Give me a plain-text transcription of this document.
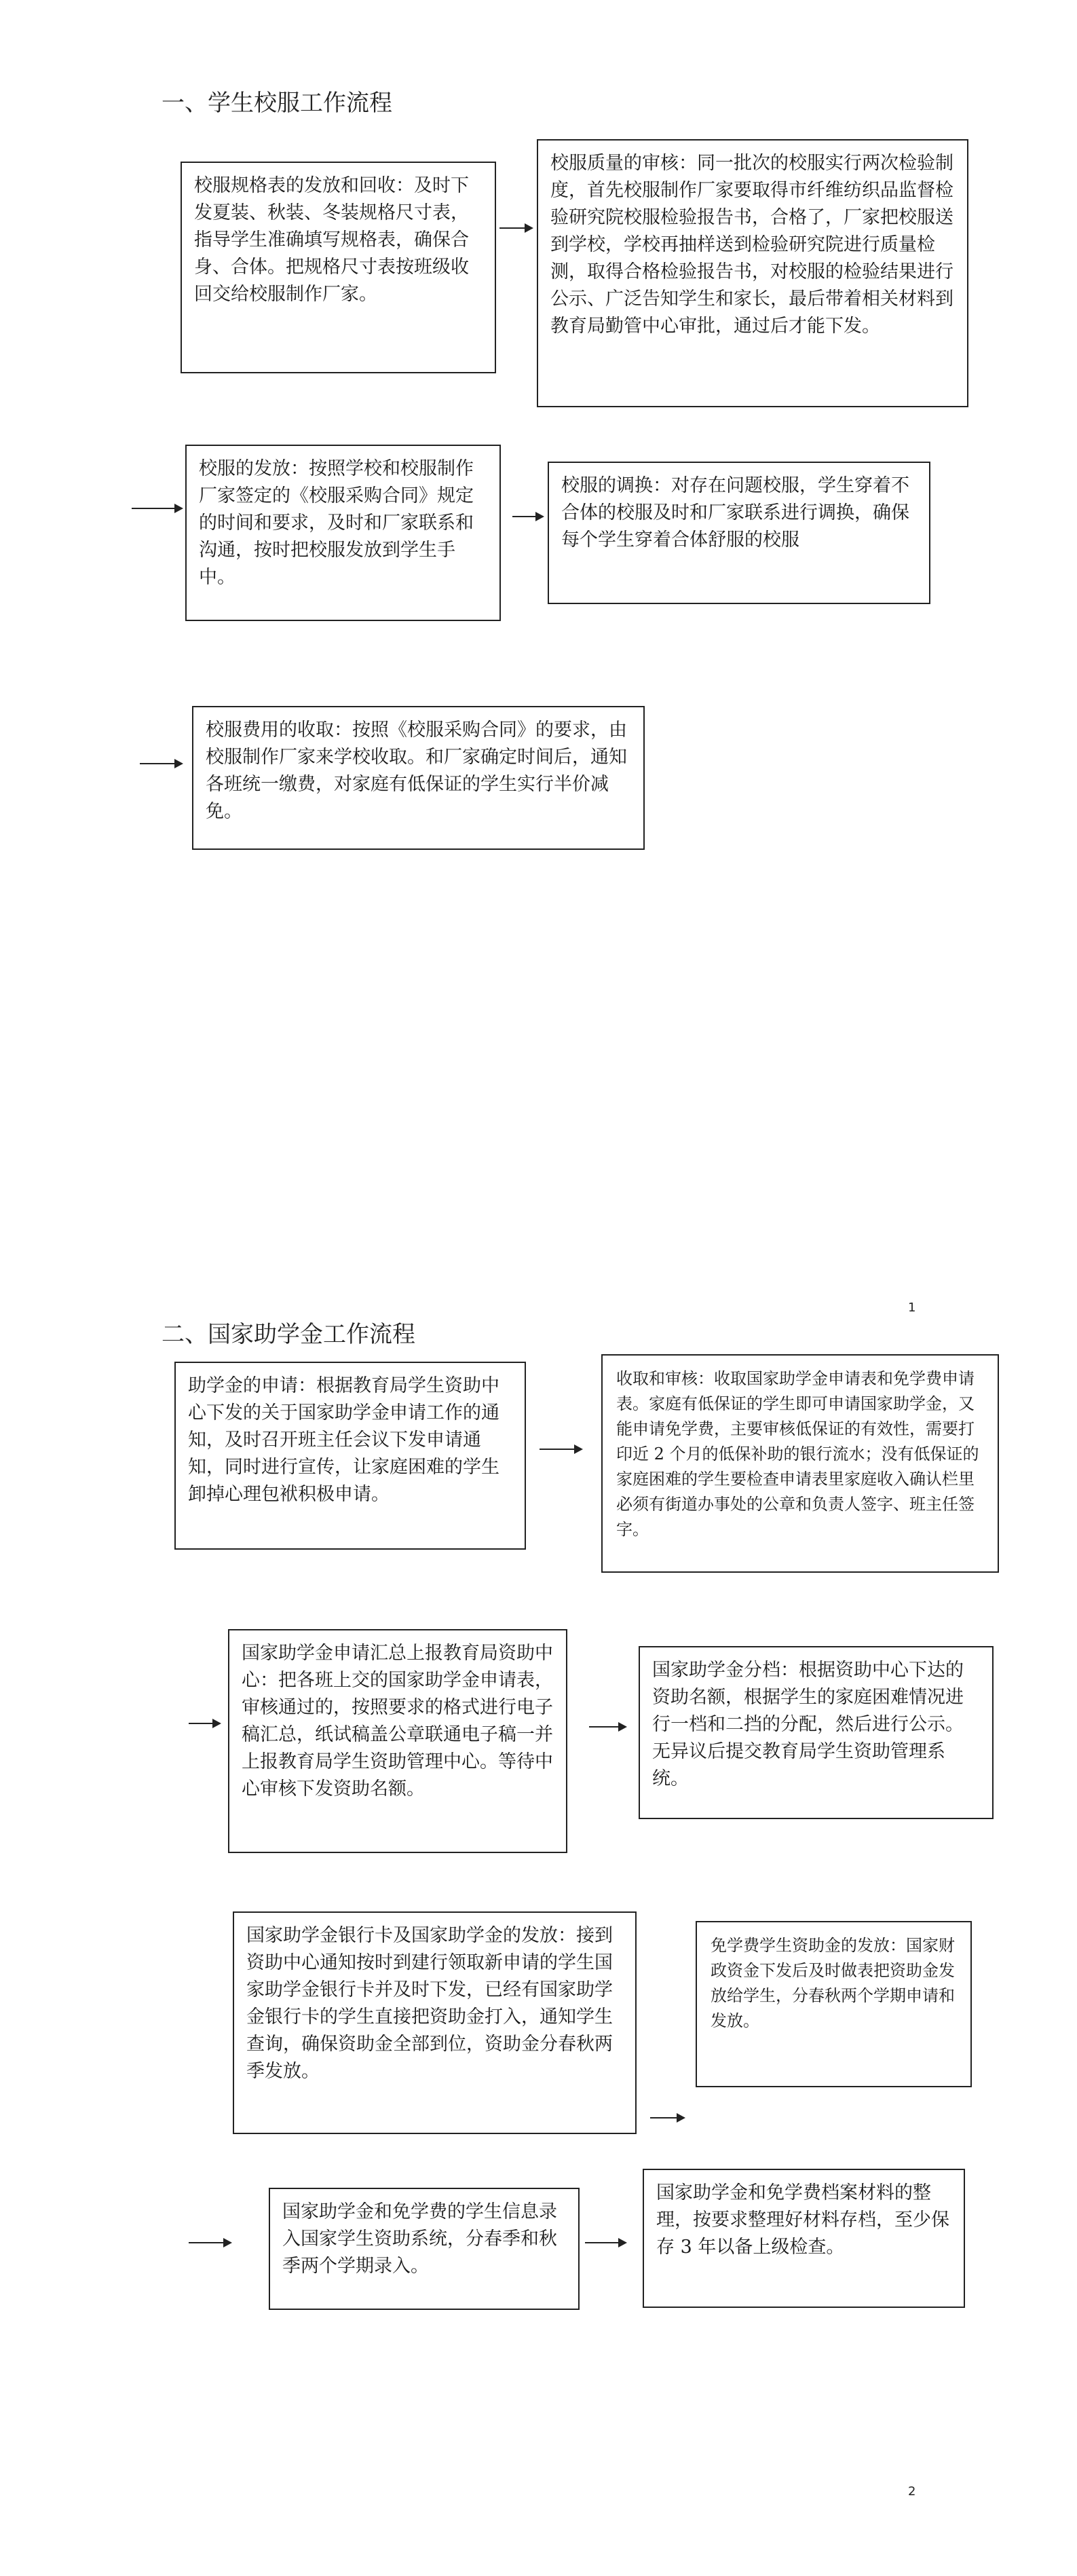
一、学生校服工作流程
校服规格表的发放和回收：及时下发夏装、秋装、冬装规格尺寸表，指导学生准确填写规格表，确保合身、合体。把规格尺寸表按班级收回交给校服制作厂家。
校服质量的审核：同一批次的校服实行两次检验制度，首先校服制作厂家要取得市纤维纺织品监督检验研究院校服检验报告书，合格了，厂家把校服送到学校，学校再抽样送到检验研究院进行质量检测，取得合格检验报告书，对校服的检验结果进行公示、广泛告知学生和家长，最后带着相关材料到教育局勤管中心审批，通过后才能下发。
校服的发放：按照学校和校服制作厂家签定的《校服采购合同》规定的时间和要求，及时和厂家联系和沟通，按时把校服发放到学生手中。
校服的调换：对存在问题校服，学生穿着不合体的校服及时和厂家联系进行调换，确保每个学生穿着合体舒服的校服
校服费用的收取：按照《校服采购合同》的要求，由校服制作厂家来学校收取。和厂家确定时间后，通知各班统一缴费，对家庭有低保证的学生实行半价减免。
1
二、国家助学金工作流程
助学金的申请：根据教育局学生资助中心下发的关于国家助学金申请工作的通知，及时召开班主任会议下发申请通知，同时进行宣传，让家庭困难的学生卸掉心理包袱积极申请。
收取和审核：收取国家助学金申请表和免学费申请表。家庭有低保证的学生即可申请国家助学金，又能申请免学费，主要审核低保证的有效性，需要打印近 2 个月的低保补助的银行流水；没有低保证的家庭困难的学生要检查申请表里家庭收入确认栏里必须有街道办事处的公章和负责人签字、班主任签字。
国家助学金申请汇总上报教育局资助中心：把各班上交的国家助学金申请表，审核通过的，按照要求的格式进行电子稿汇总，纸试稿盖公章联通电子稿一并上报教育局学生资助管理中心。等待中心审核下发资助名额。
国家助学金分档：根据资助中心下达的资助名额，根据学生的家庭困难情况进行一档和二挡的分配，然后进行公示。无异议后提交教育局学生资助管理系统。
国家助学金银行卡及国家助学金的发放：接到资助中心通知按时到建行领取新申请的学生国家助学金银行卡并及时下发，已经有国家助学金银行卡的学生直接把资助金打入，通知学生查询，确保资助金全部到位，资助金分春秋两季发放。
免学费学生资助金的发放：国家财政资金下发后及时做表把资助金发放给学生，分春秋两个学期申请和发放。
国家助学金和免学费的学生信息录入国家学生资助系统，分春季和秋季两个学期录入。
国家助学金和免学费档案材料的整理，按要求整理好材料存档，至少保存 3 年以备上级检查。
2
